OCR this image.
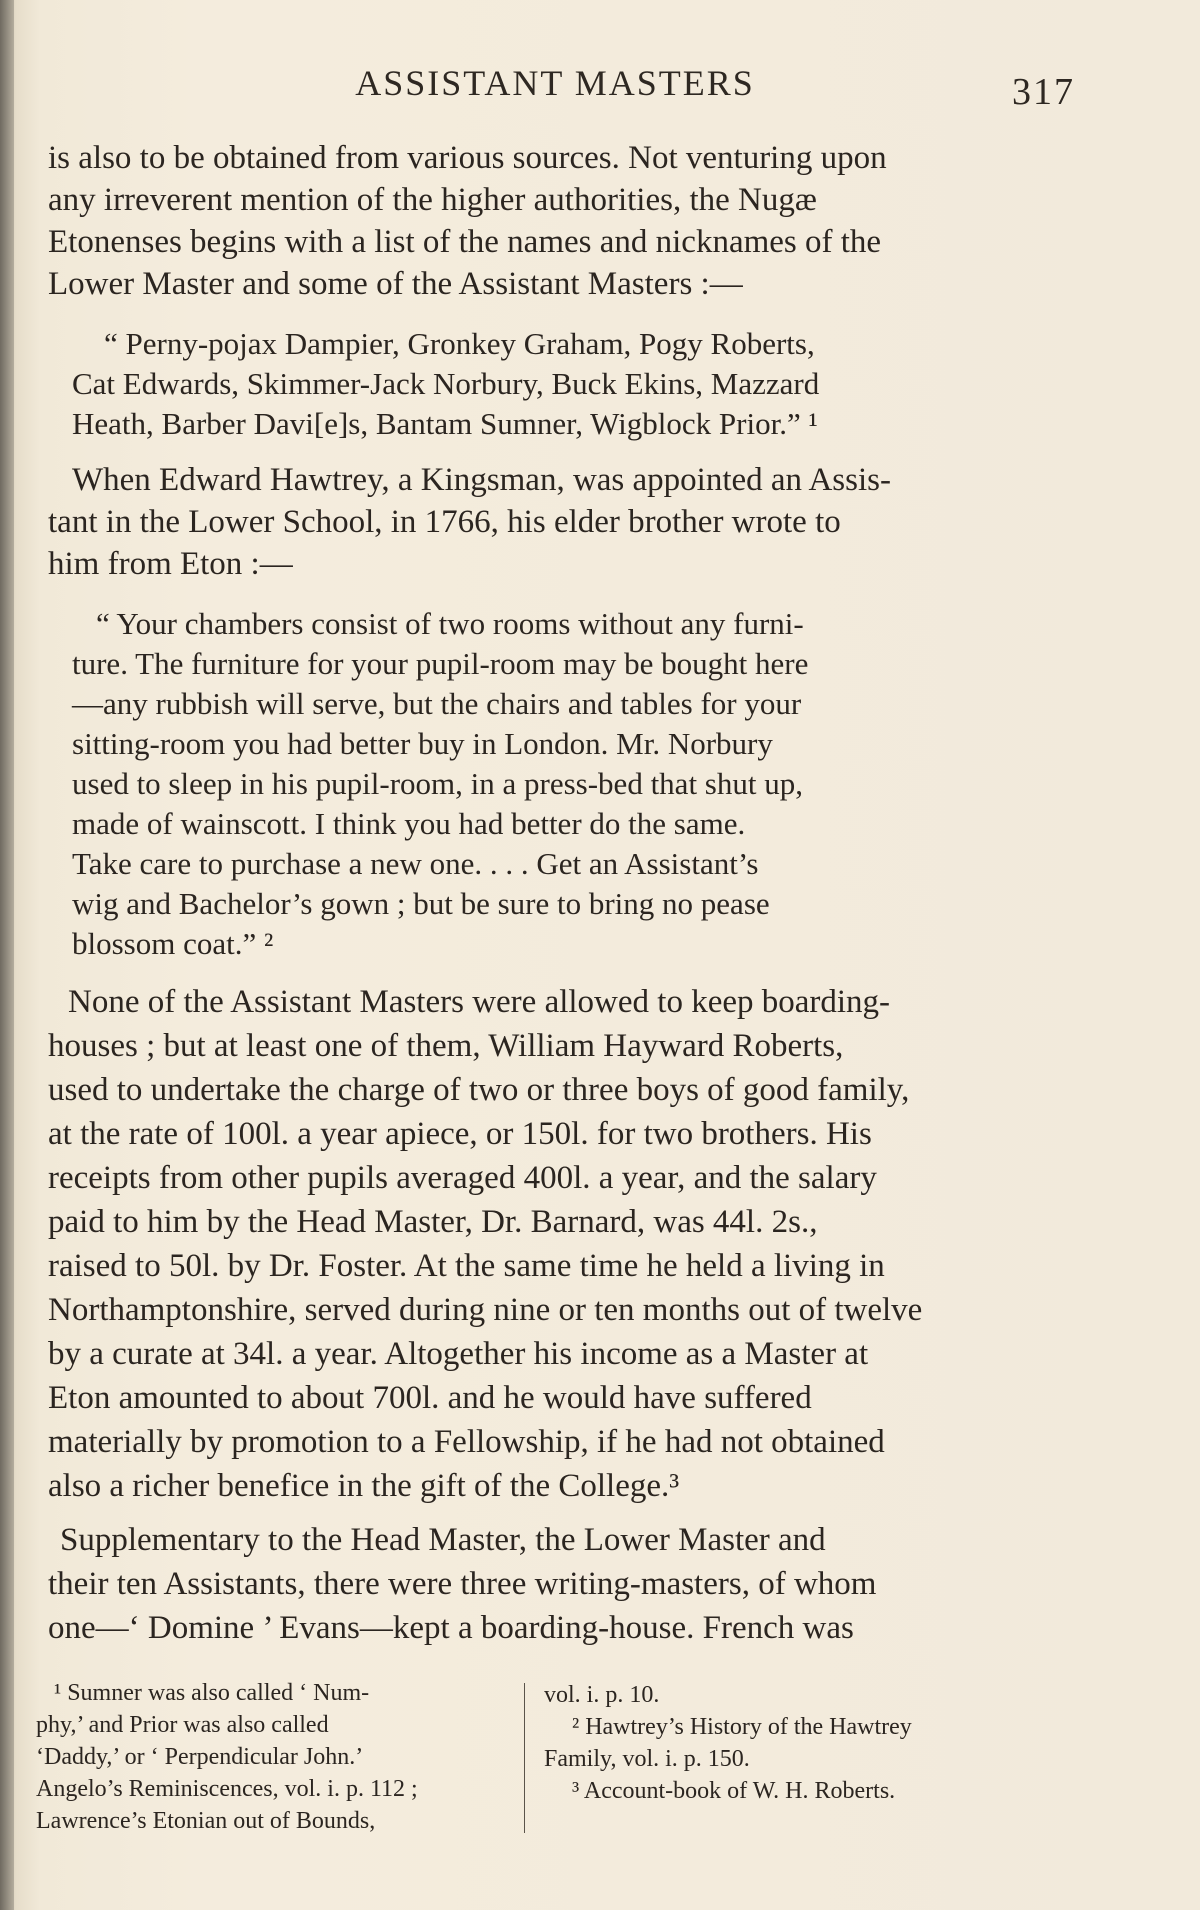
ASSISTANT MASTERS	317
is also to be obtained from various sources. Not venturing upon
any irreverent mention of the higher authorities, the Nugæ
Etonenses begins with a list of the names and nicknames of the
Lower Master and some of the Assistant Masters :—
“ Perny-pojax Dampier, Gronkey Graham, Pogy Roberts,
Cat Edwards, Skimmer-Jack Norbury, Buck Ekins, Mazzard
Heath, Barber Davi[e]s, Bantam Sumner, Wigblock Prior.” ¹
When Edward Hawtrey, a Kingsman, was appointed an Assis-
tant in the Lower School, in 1766, his elder brother wrote to
him from Eton :—
“ Your chambers consist of two rooms without any furni-
ture. The furniture for your pupil-room may be bought here
—any rubbish will serve, but the chairs and tables for your
sitting-room you had better buy in London. Mr. Norbury
used to sleep in his pupil-room, in a press-bed that shut up,
made of wainscott. I think you had better do the same.
Take care to purchase a new one. . . . Get an Assistant’s
wig and Bachelor’s gown ; but be sure to bring no pease
blossom coat.” ²
None of the Assistant Masters were allowed to keep boarding-
houses ; but at least one of them, William Hayward Roberts,
used to undertake the charge of two or three boys of good family,
at the rate of 100l. a year apiece, or 150l. for two brothers. His
receipts from other pupils averaged 400l. a year, and the salary
paid to him by the Head Master, Dr. Barnard, was 44l. 2s.,
raised to 50l. by Dr. Foster. At the same time he held a living in
Northamptonshire, served during nine or ten months out of twelve
by a curate at 34l. a year. Altogether his income as a Master at
Eton amounted to about 700l. and he would have suffered
materially by promotion to a Fellowship, if he had not obtained
also a richer benefice in the gift of the College.³
Supplementary to the Head Master, the Lower Master and
their ten Assistants, there were three writing-masters, of whom
one—‘ Domine ’ Evans—kept a boarding-house. French was
¹ Sumner was also called ‘ Num-
phy,’ and Prior was also called
‘Daddy,’ or ‘ Perpendicular John.’
Angelo’s Reminiscences, vol. i. p. 112 ;
Lawrence’s Etonian out of Bounds,
vol. i. p. 10.
² Hawtrey’s History of the Hawtrey
Family, vol. i. p. 150.
³ Account-book of W. H. Roberts.
